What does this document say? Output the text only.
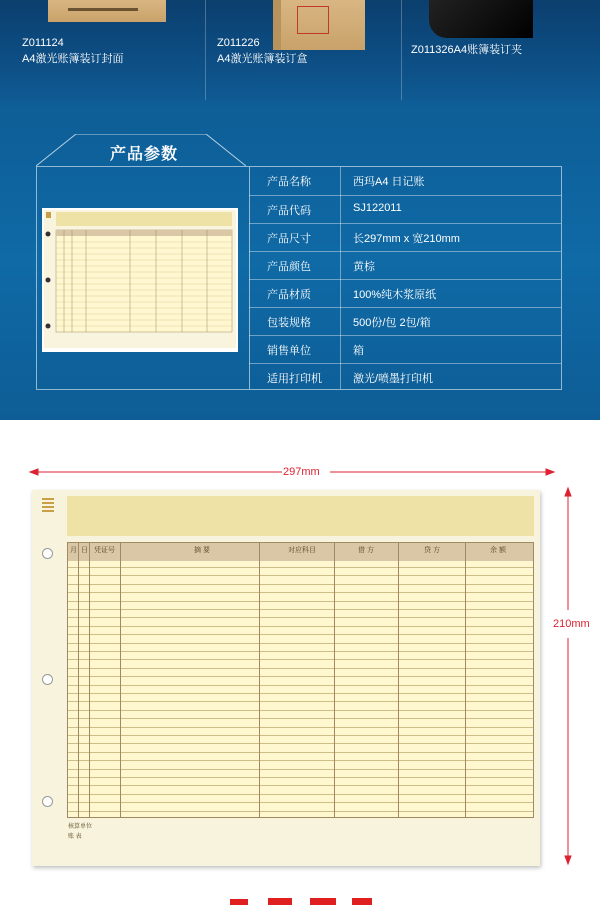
Z011124
A4激光账簿装订封面
Z011226
A4激光账簿装订盒
Z011326A4账簿装订夹
产品参数
产品名称	西玛A4 日记账
产品代码	SJ122011
产品尺寸	长297mm x 宽210mm
产品颜色	黄棕
产品材质	100%纯木浆原纸
包装规格	500份/包 2包/箱
销售单位	箱
适用打印机	激光/喷墨打印机
297mm
210mm
月 日 凭证号	摘 要	对应科目	借 方	贷 方	余 额
核算单位
账 表
